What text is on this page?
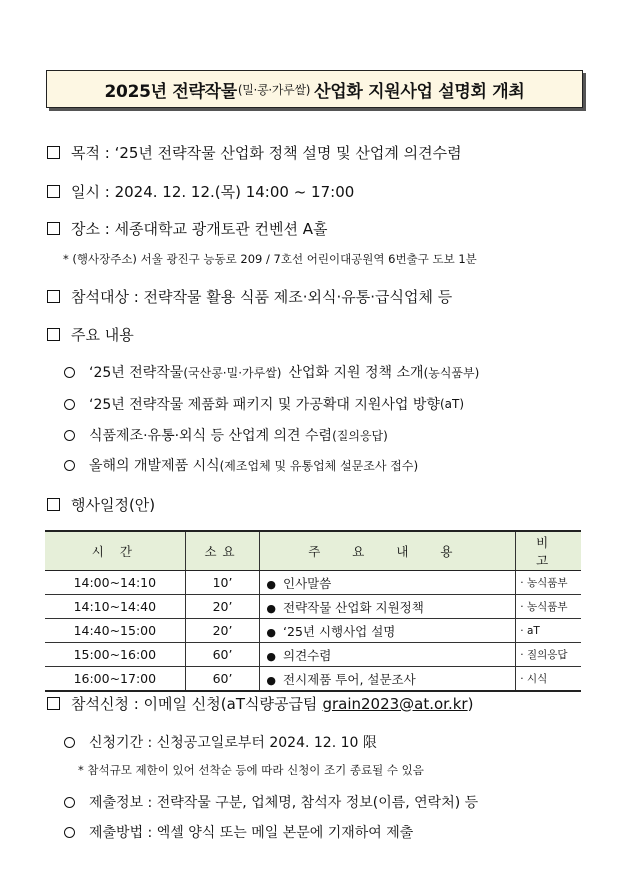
2025년 전략작물 (밀·콩·가루쌀) 산업화 지원사업 설명회 개최
목적 : ‘25년 전략작물 산업화 정책 설명 및 산업계 의견수렴
일시 : 2024. 12. 12.(목) 14:00 ~ 17:00
장소 : 세종대학교 광개토관 컨벤션 A홀
* (행사장주소) 서울 광진구 능동로 209 / 7호선 어린이대공원역 6번출구 도보 1분
참석대상 : 전략작물 활용 식품 제조·외식·유통·급식업체 등
주요 내용
‘25년 전략작물 (국산콩·밀·가루쌀) 산업화 지원 정책 소개 (농식품부)
‘25년 전략작물 제품화 패키지 및 가공확대 지원사업 방향 (aT)
식품제조·유통·외식 등 산업계 의견 수렴 (질의응답)
올해의 개발제품 시식 (제조업체 및 유통업체 설문조사 접수)
행사일정(안)
시 간	소요	주 요 내 용	비 고
14:00~14:10	10’	● 인사말씀	· 농식품부
14:10~14:40	20’	● 전략작물 산업화 지원정책	· 농식품부
14:40~15:00	20’	● ‘25년 시행사업 설명	· aT
15:00~16:00	60’	● 의견수렴	· 질의응답
16:00~17:00	60’	● 전시제품 투어, 설문조사	· 시식
참석신청 : 이메일 신청(aT식량공급팀 grain2023@at.or.kr )
신청기간 : 신청공고일로부터 2024. 12. 10 限
* 참석규모 제한이 있어 선착순 등에 따라 신청이 조기 종료될 수 있음
제출정보 : 전략작물 구분, 업체명, 참석자 정보(이름, 연락처) 등
제출방법 : 엑셀 양식 또는 메일 본문에 기재하여 제출
